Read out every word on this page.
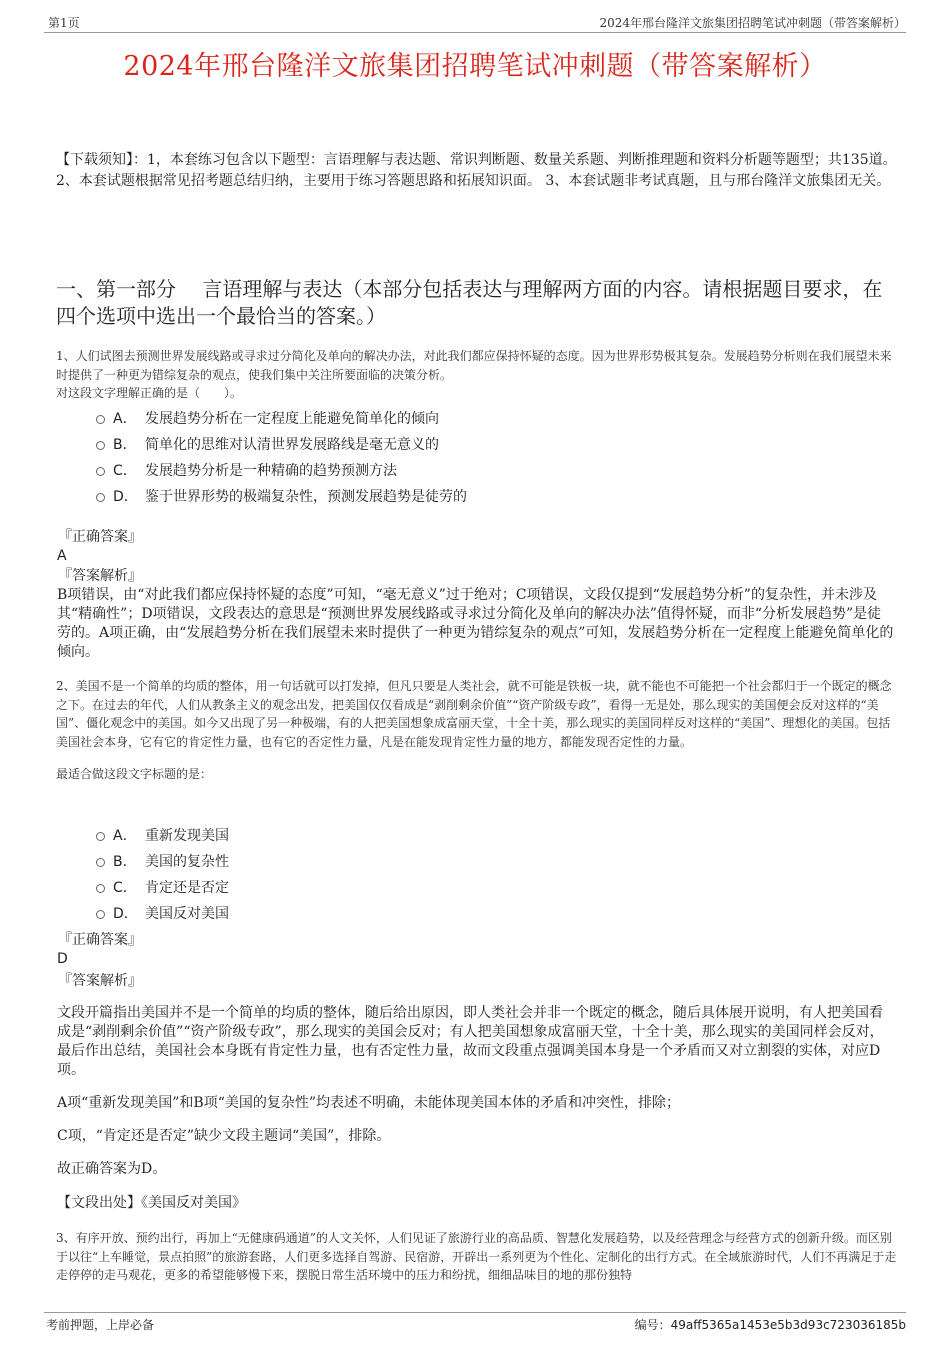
第1页	2024年邢台隆洋文旅集团招聘笔试冲刺题（带答案解析）
2024年邢台隆洋文旅集团招聘笔试冲刺题（带答案解析）
【下载须知】：1，本套练习包含以下题型：言语理解与表达题、常识判断题、数量关系题、判断推理题和资料分析题等题型；共135道。 2、本套试题根据常见招考题总结归纳，主要用于练习答题思路和拓展知识面。 3、本套试题非考试真题，且与邢台隆洋文旅集团无关。
一、第一部分　 言语理解与表达（本部分包括表达与理解两方面的内容。请根据题目要求，在四个选项中选出一个最恰当的答案。）
1、人们试图去预测世界发展线路或寻求过分简化及单向的解决办法，对此我们都应保持怀疑的态度。因为世界形势极其复杂。发展趋势分析则在我们展望未来时提供了一种更为错综复杂的观点，使我们集中关注所要面临的决策分析。
对这段文字理解正确的是（　　）。
A． 发展趋势分析在一定程度上能避免简单化的倾向
B． 简单化的思维对认清世界发展路线是毫无意义的
C． 发展趋势分析是一种精确的趋势预测方法
D． 鉴于世界形势的极端复杂性，预测发展趋势是徒劳的
『正确答案』
A
『答案解析』
B项错误，由“对此我们都应保持怀疑的态度”可知，“毫无意义”过于绝对；C项错误，文段仅提到“发展趋势分析”的复杂性，并未涉及其“精确性”；D项错误，文段表达的意思是“预测世界发展线路或寻求过分简化及单向的解决办法”值得怀疑，而非“分析发展趋势”是徒劳的。A项正确，由“发展趋势分析在我们展望未来时提供了一种更为错综复杂的观点”可知，发展趋势分析在一定程度上能避免简单化的倾向。
2、美国不是一个简单的均质的整体，用一句话就可以打发掉，但凡只要是人类社会，就不可能是铁板一块，就不能也不可能把一个社会都归于一个既定的概念之下。在过去的年代，人们从教条主义的观念出发，把美国仅仅看成是“剥削剩余价值”“资产阶级专政”，看得一无是处，那么现实的美国便会反对这样的“美国”、僵化观念中的美国。如今又出现了另一种极端，有的人把美国想象成富丽天堂，十全十美，那么现实的美国同样反对这样的“美国”、理想化的美国。包括美国社会本身，它有它的肯定性力量，也有它的否定性力量，凡是在能发现肯定性力量的地方，都能发现否定性的力量。
最适合做这段文字标题的是：
A． 重新发现美国
B． 美国的复杂性
C． 肯定还是否定
D． 美国反对美国
『正确答案』
D
『答案解析』
文段开篇指出美国并不是一个简单的均质的整体，随后给出原因，即人类社会并非一个既定的概念，随后具体展开说明，有人把美国看成是“剥削剩余价值”“资产阶级专政”，那么现实的美国会反对；有人把美国想象成富丽天堂，十全十美，那么现实的美国同样会反对，最后作出总结，美国社会本身既有肯定性力量，也有否定性力量，故而文段重点强调美国本身是一个矛盾而又对立割裂的实体，对应D项。
A项“重新发现美国”和B项“美国的复杂性”均表述不明确，未能体现美国本体的矛盾和冲突性，排除；
C项，“肯定还是否定”缺少文段主题词“美国”，排除。
故正确答案为D。
【文段出处】《美国反对美国》
3、有序开放、预约出行，再加上“无健康码通道”的人文关怀，人们见证了旅游行业的高品质、智慧化发展趋势，以及经营理念与经营方式的创新升级。而区别于以往“上车睡觉，景点拍照”的旅游套路，人们更多选择自驾游、民宿游，开辟出一系列更为个性化、定制化的出行方式。在全域旅游时代，人们不再满足于走走停停的走马观花，更多的希望能够慢下来，摆脱日常生活环境中的压力和纷扰，细细品味目的地的那份独特
考前押题，上岸必备	编号：49aff5365a1453e5b3d93c723036185b
